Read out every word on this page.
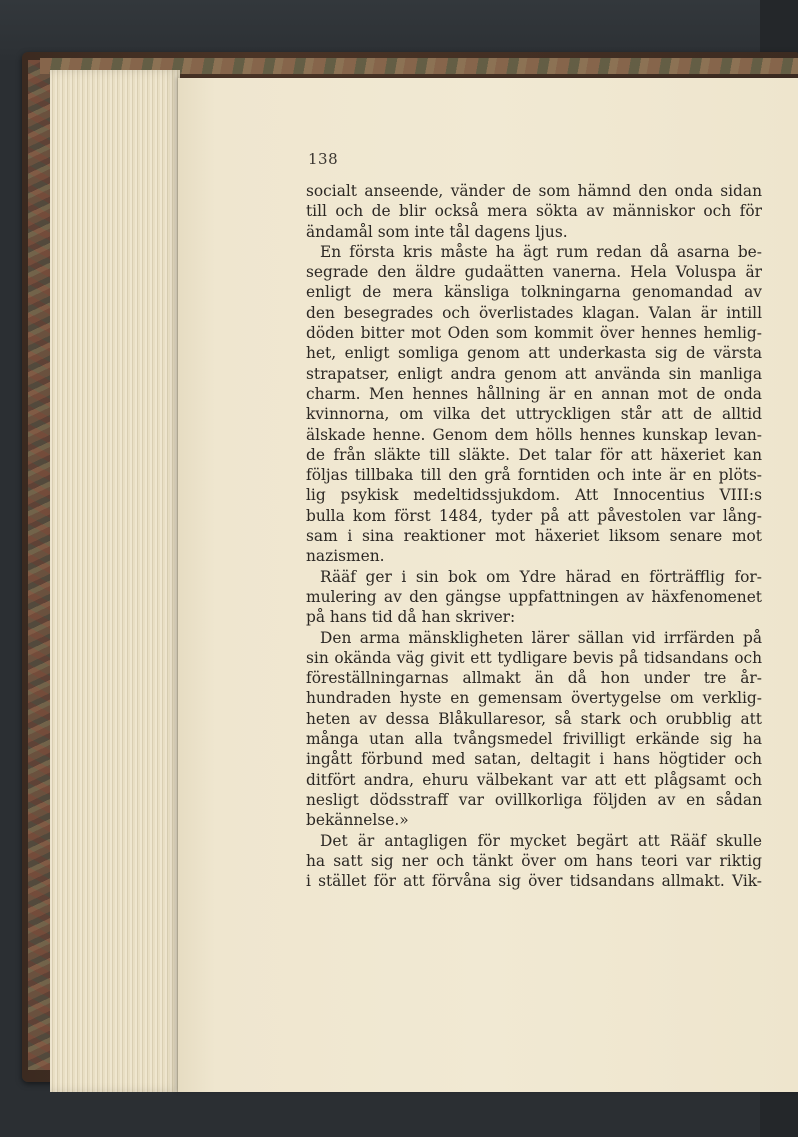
138
socialt anseende, vänder de som hämnd den onda sidan
till och de blir också mera sökta av människor och för
ändamål som inte tål dagens ljus.
En första kris måste ha ägt rum redan då asarna be-
segrade den äldre gudaätten vanerna. Hela Voluspa är
enligt de mera känsliga tolkningarna genomandad av
den besegrades och överlistades klagan. Valan är intill
döden bitter mot Oden som kommit över hennes hemlig-
het, enligt somliga genom att underkasta sig de värsta
strapatser, enligt andra genom att använda sin manliga
charm. Men hennes hållning är en annan mot de onda
kvinnorna, om vilka det uttryckligen står att de alltid
älskade henne. Genom dem hölls hennes kunskap levan-
de från släkte till släkte. Det talar för att häxeriet kan
följas tillbaka till den grå forntiden och inte är en plöts-
lig psykisk medeltidssjukdom. Att Innocentius VIII:s
bulla kom först 1484, tyder på att påvestolen var lång-
sam i sina reaktioner mot häxeriet liksom senare mot
nazismen.
Rääf ger i sin bok om Ydre härad en förträfflig for-
mulering av den gängse uppfattningen av häxfenomenet
på hans tid då han skriver:
Den arma mänskligheten lärer sällan vid irrfärden på
sin okända väg givit ett tydligare bevis på tidsandans och
föreställningarnas allmakt än då hon under tre år-
hundraden hyste en gemensam övertygelse om verklig-
heten av dessa Blåkullaresor, så stark och orubblig att
många utan alla tvångsmedel frivilligt erkände sig ha
ingått förbund med satan, deltagit i hans högtider och
ditfört andra, ehuru välbekant var att ett plågsamt och
nesligt dödsstraff var ovillkorliga följden av en sådan
bekännelse.»
Det är antagligen för mycket begärt att Rääf skulle
ha satt sig ner och tänkt över om hans teori var riktig
i stället för att förvåna sig över tidsandans allmakt. Vik-
